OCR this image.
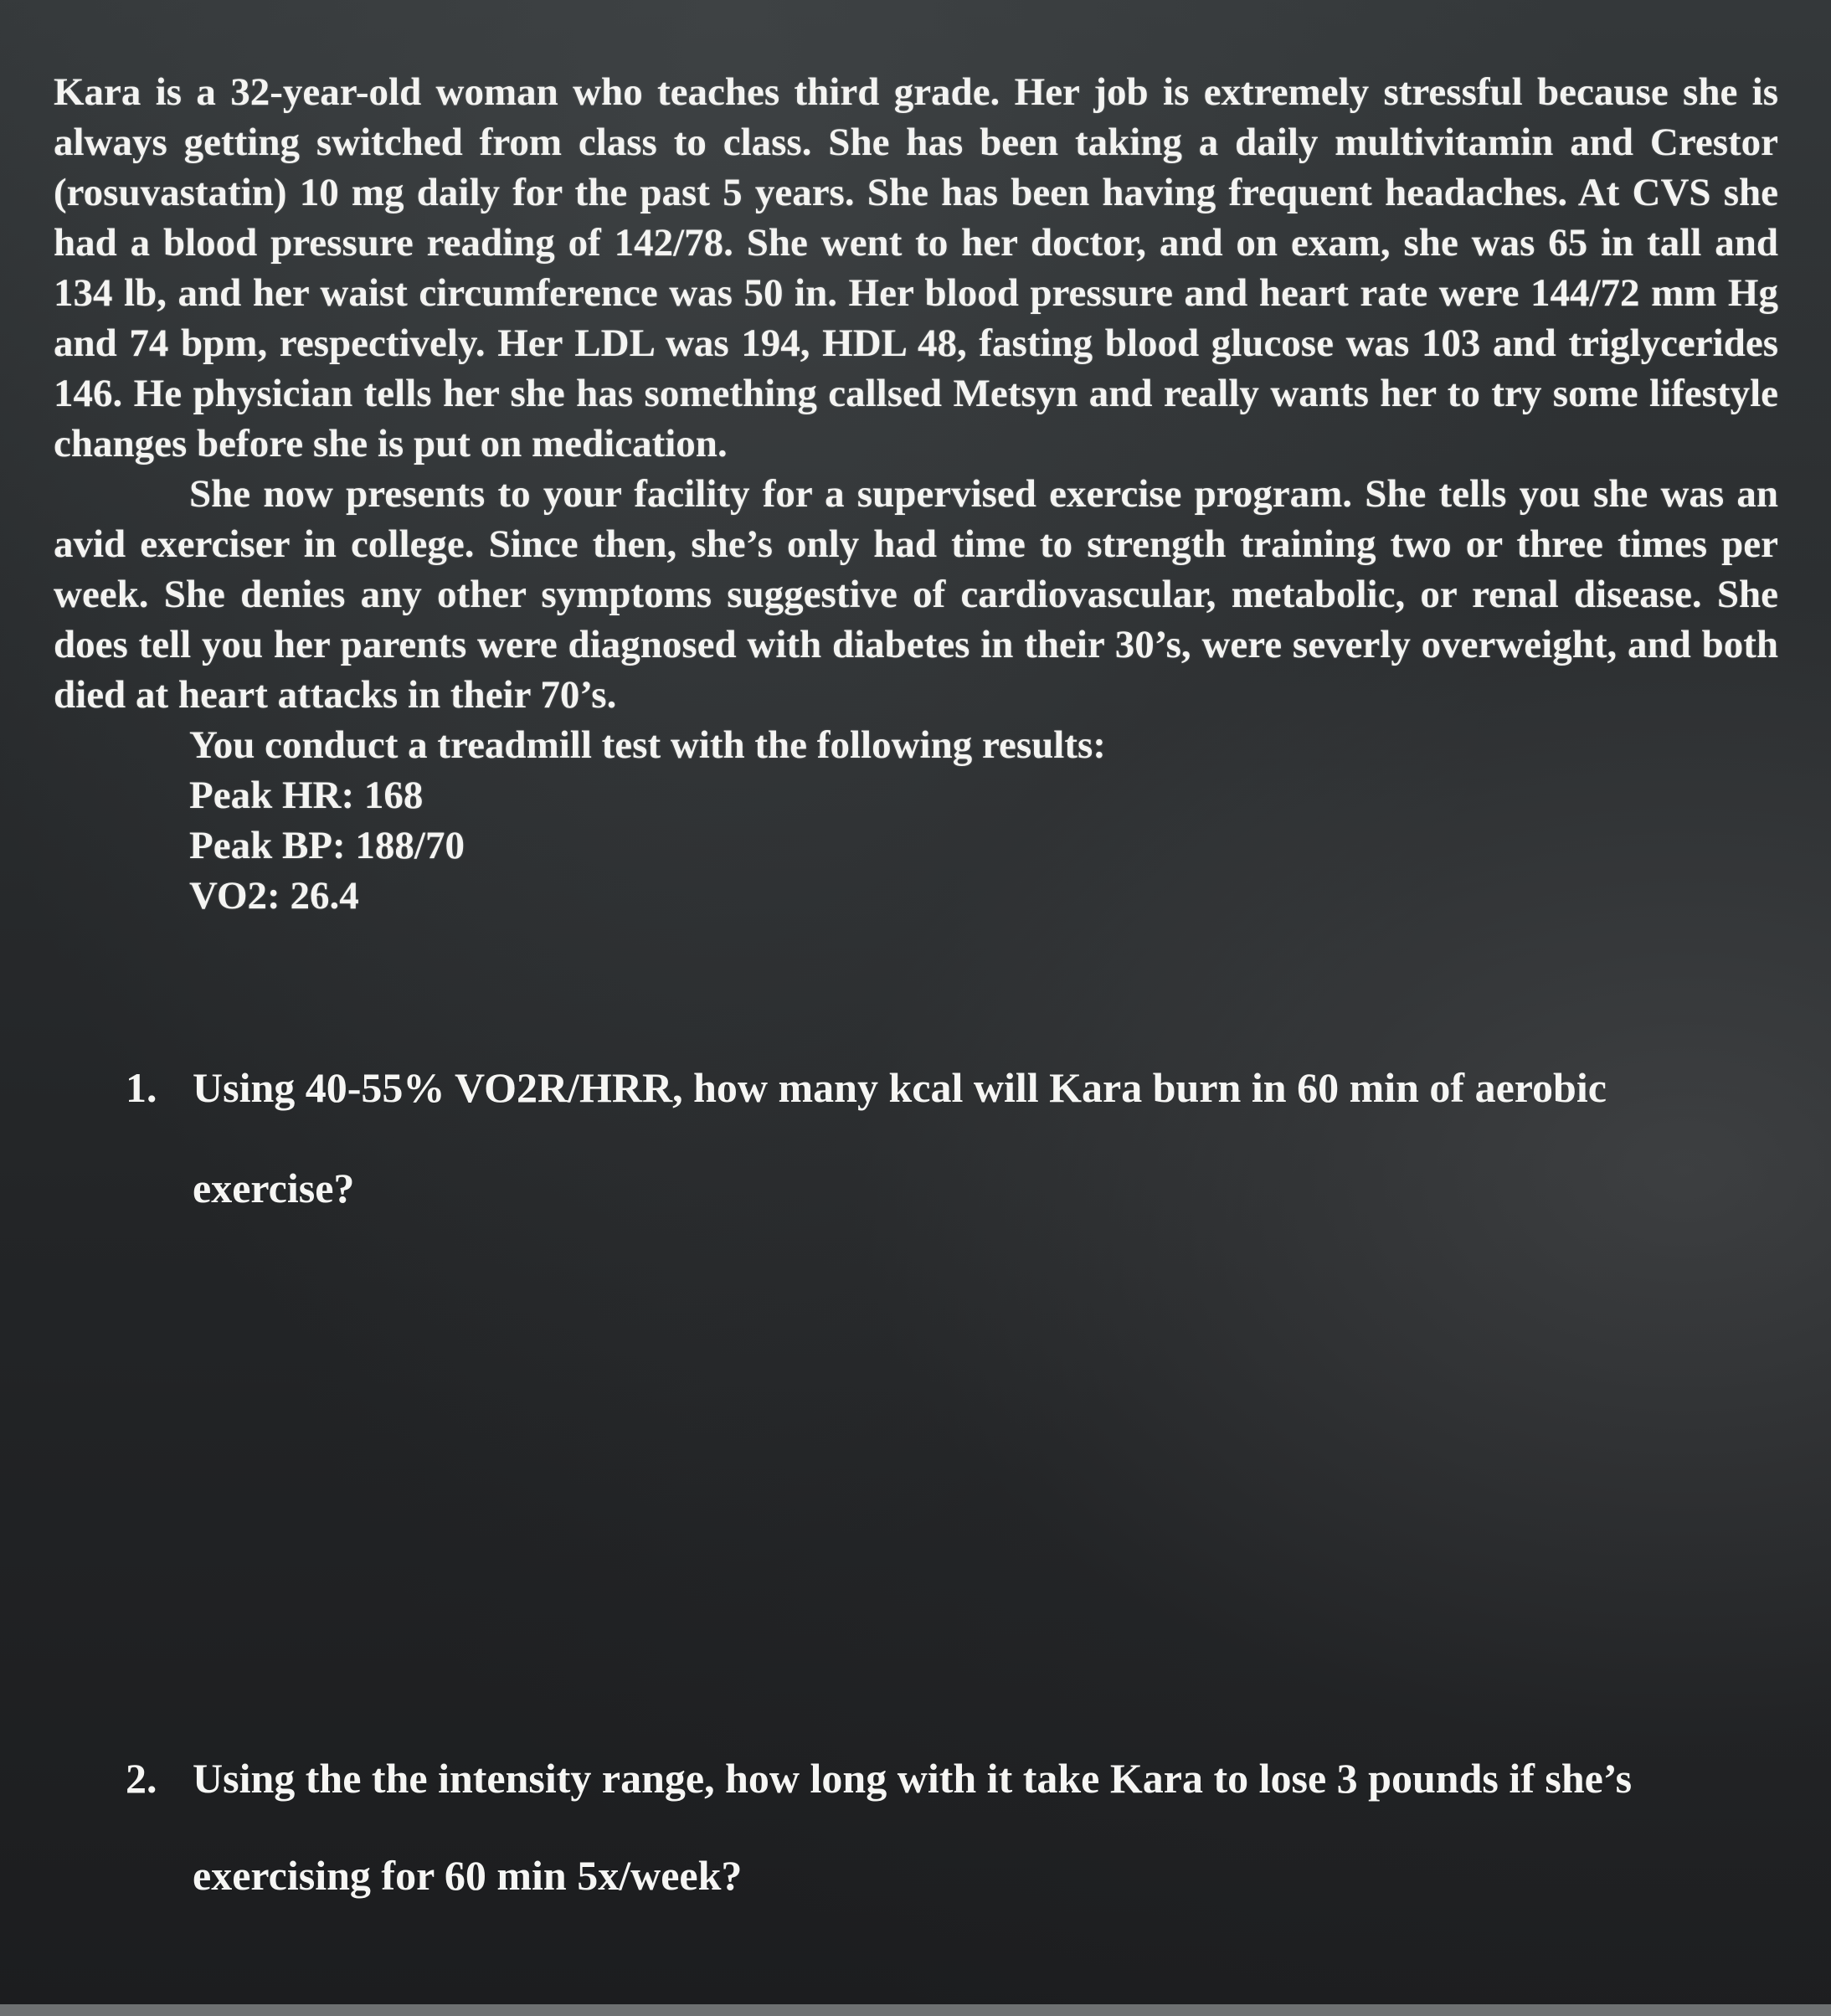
Kara is a 32-year-old woman who teaches third grade. Her job is extremely stressful because she is always getting switched from class to class. She has been taking a daily multivitamin and Crestor (rosuvastatin) 10 mg daily for the past 5 years. She has been having frequent headaches. At CVS she had a blood pressure reading of 142/78. She went to her doctor, and on exam, she was 65 in tall and 134 lb, and her waist circumference was 50 in. Her blood pressure and heart rate were 144/72 mm Hg and 74 bpm, respectively. Her LDL was 194, HDL 48, fasting blood glucose was 103 and triglycerides 146. He physician tells her she has something callsed Metsyn and really wants her to try some lifestyle changes before she is put on medication.

She now presents to your facility for a supervised exercise program. She tells you she was an avid exerciser in college. Since then, she’s only had time to strength training two or three times per week. She denies any other symptoms suggestive of cardiovascular, metabolic, or renal disease. She does tell you her parents were diagnosed with diabetes in their 30’s, were severly overweight, and both died at heart attacks in their 70’s.

You conduct a treadmill test with the following results:

Peak HR: 168

Peak BP: 188/70

VO2: 26.4

1. Using 40-55% VO2R/HRR, how many kcal will Kara burn in 60 min of aerobic
exercise?
2. Using the the intensity range, how long with it take Kara to lose 3 pounds if she’s
exercising for 60 min 5x/week?
